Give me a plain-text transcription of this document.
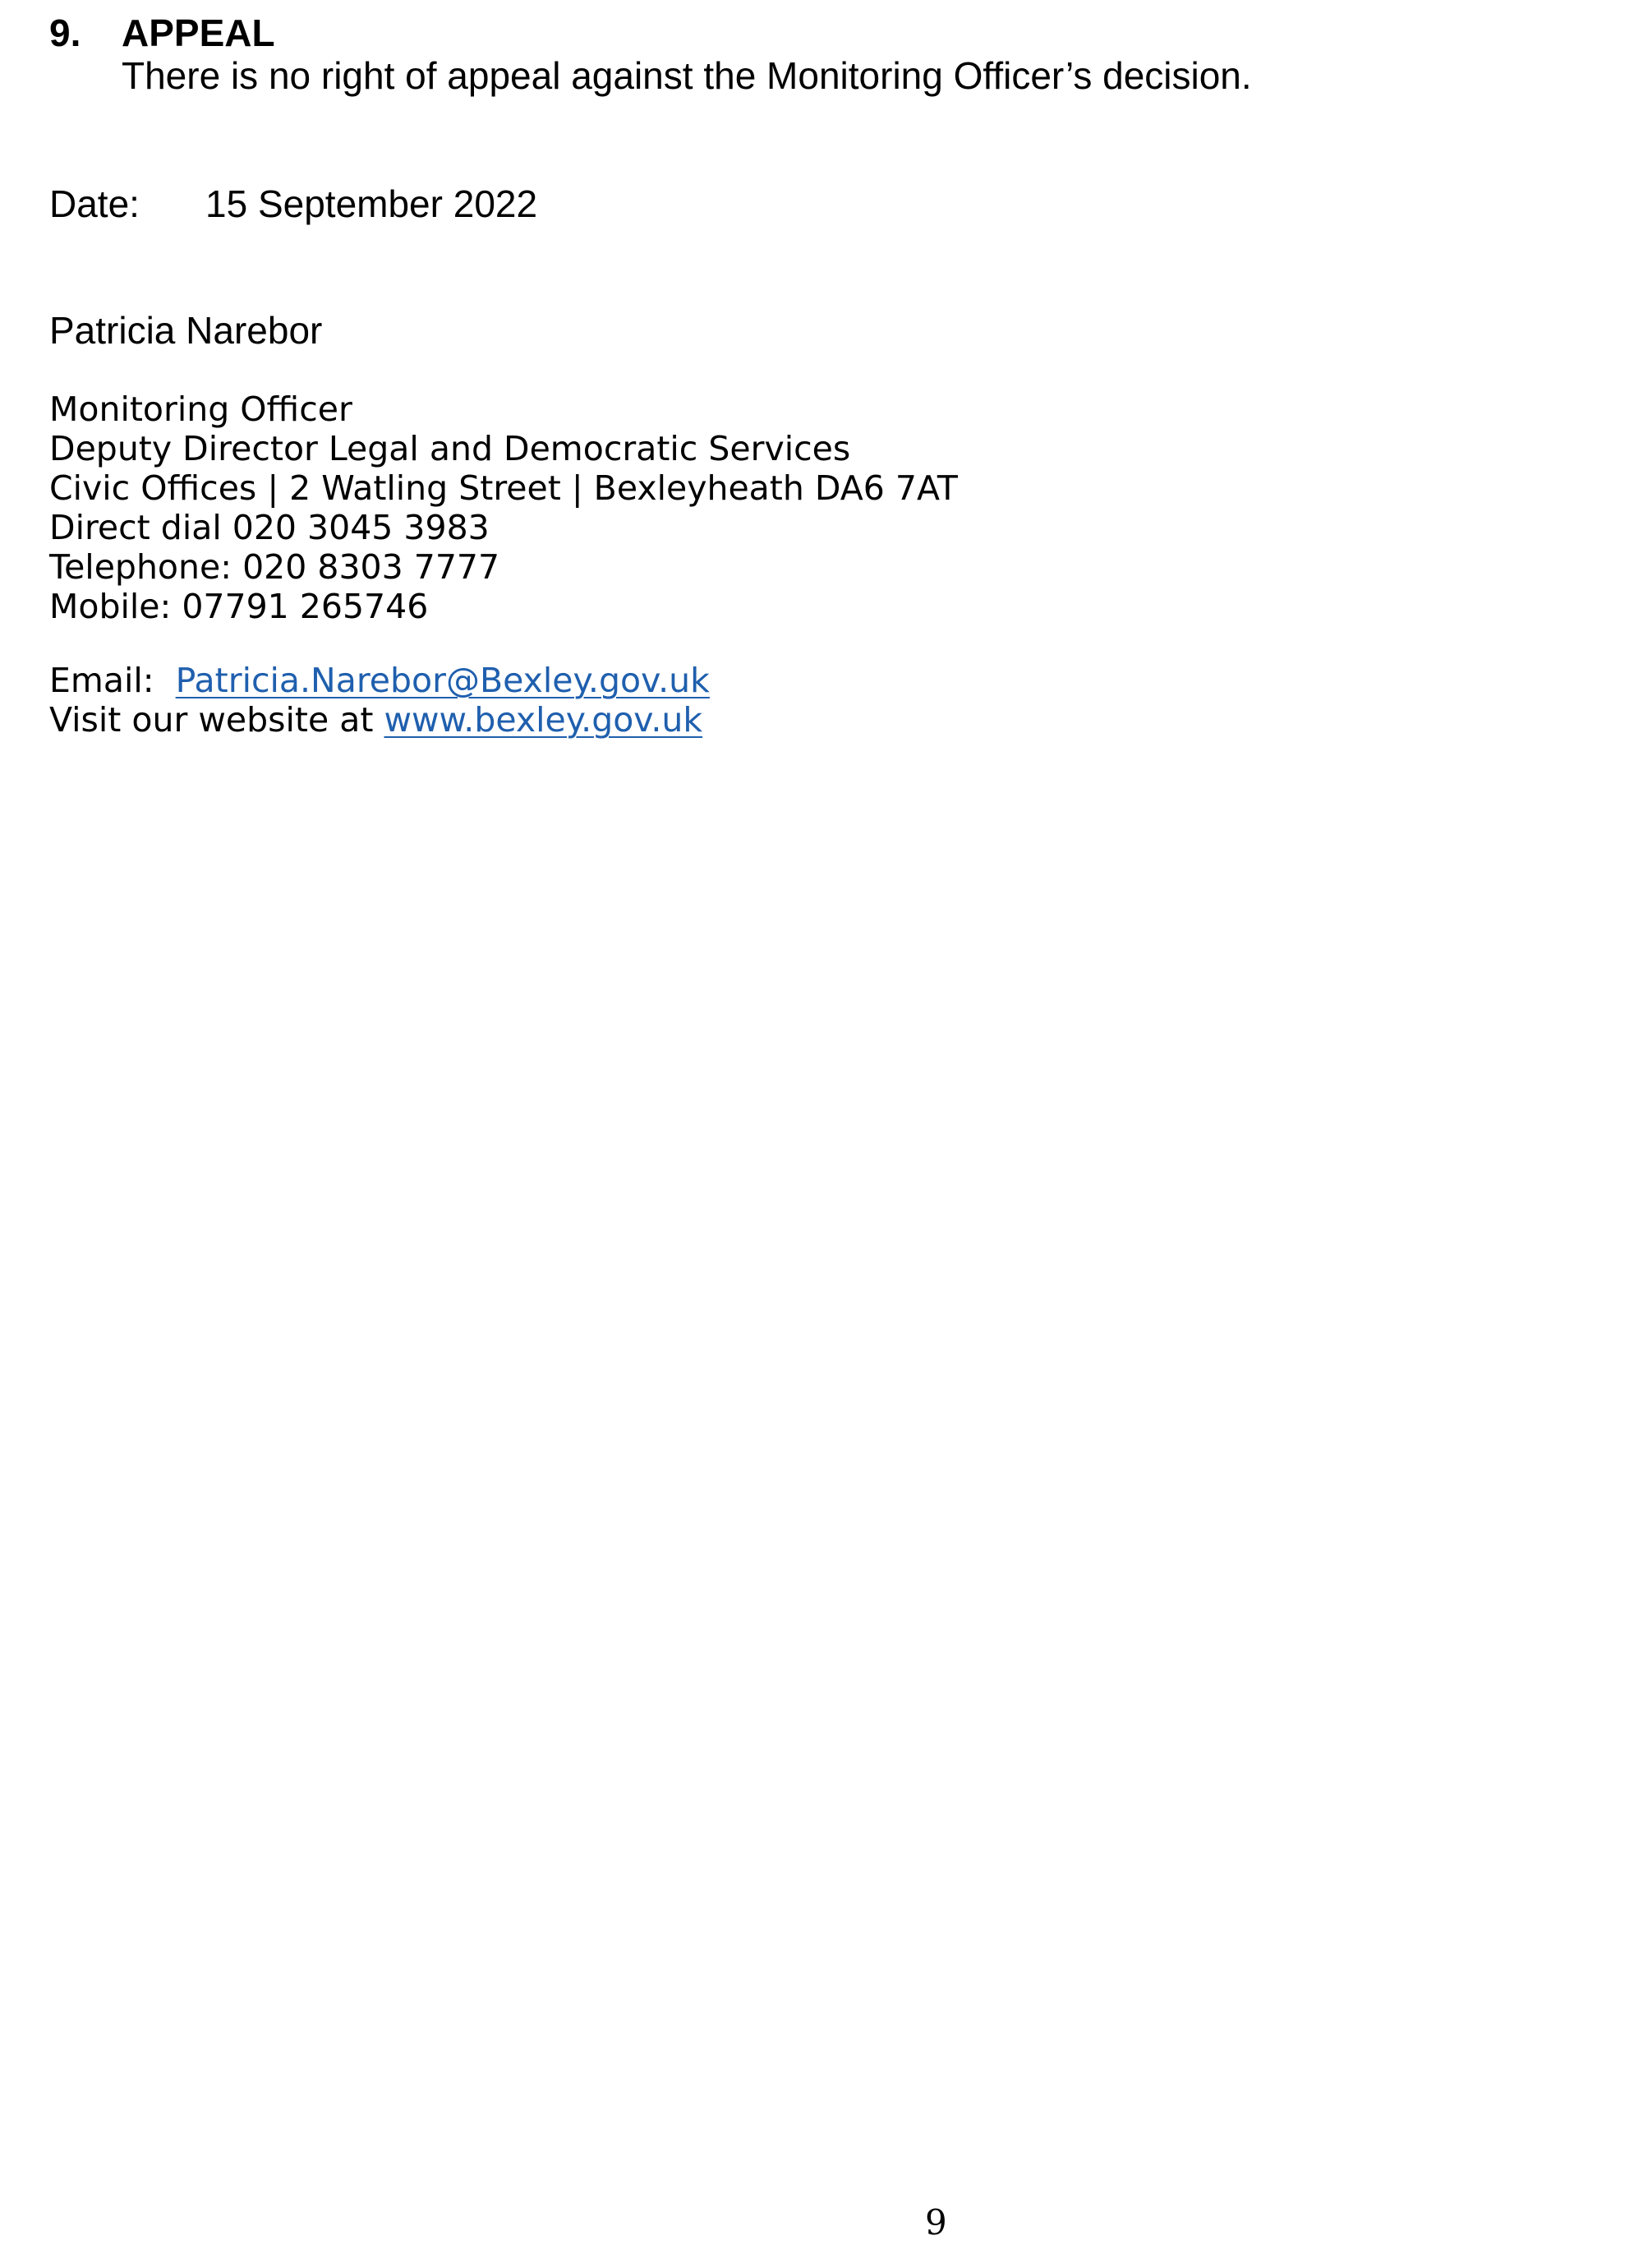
9. APPEAL
There is no right of appeal against the Monitoring Officer’s decision.
Date: 15 September 2022
Patricia Narebor
Monitoring Officer
Deputy Director Legal and Democratic Services
Civic Offices | 2 Watling Street | Bexleyheath DA6 7AT
Direct dial 020 3045 3983
Telephone: 020 8303 7777
Mobile: 07791 265746
Email:  Patricia.Narebor@Bexley.gov.uk
Visit our website at www.bexley.gov.uk
9
